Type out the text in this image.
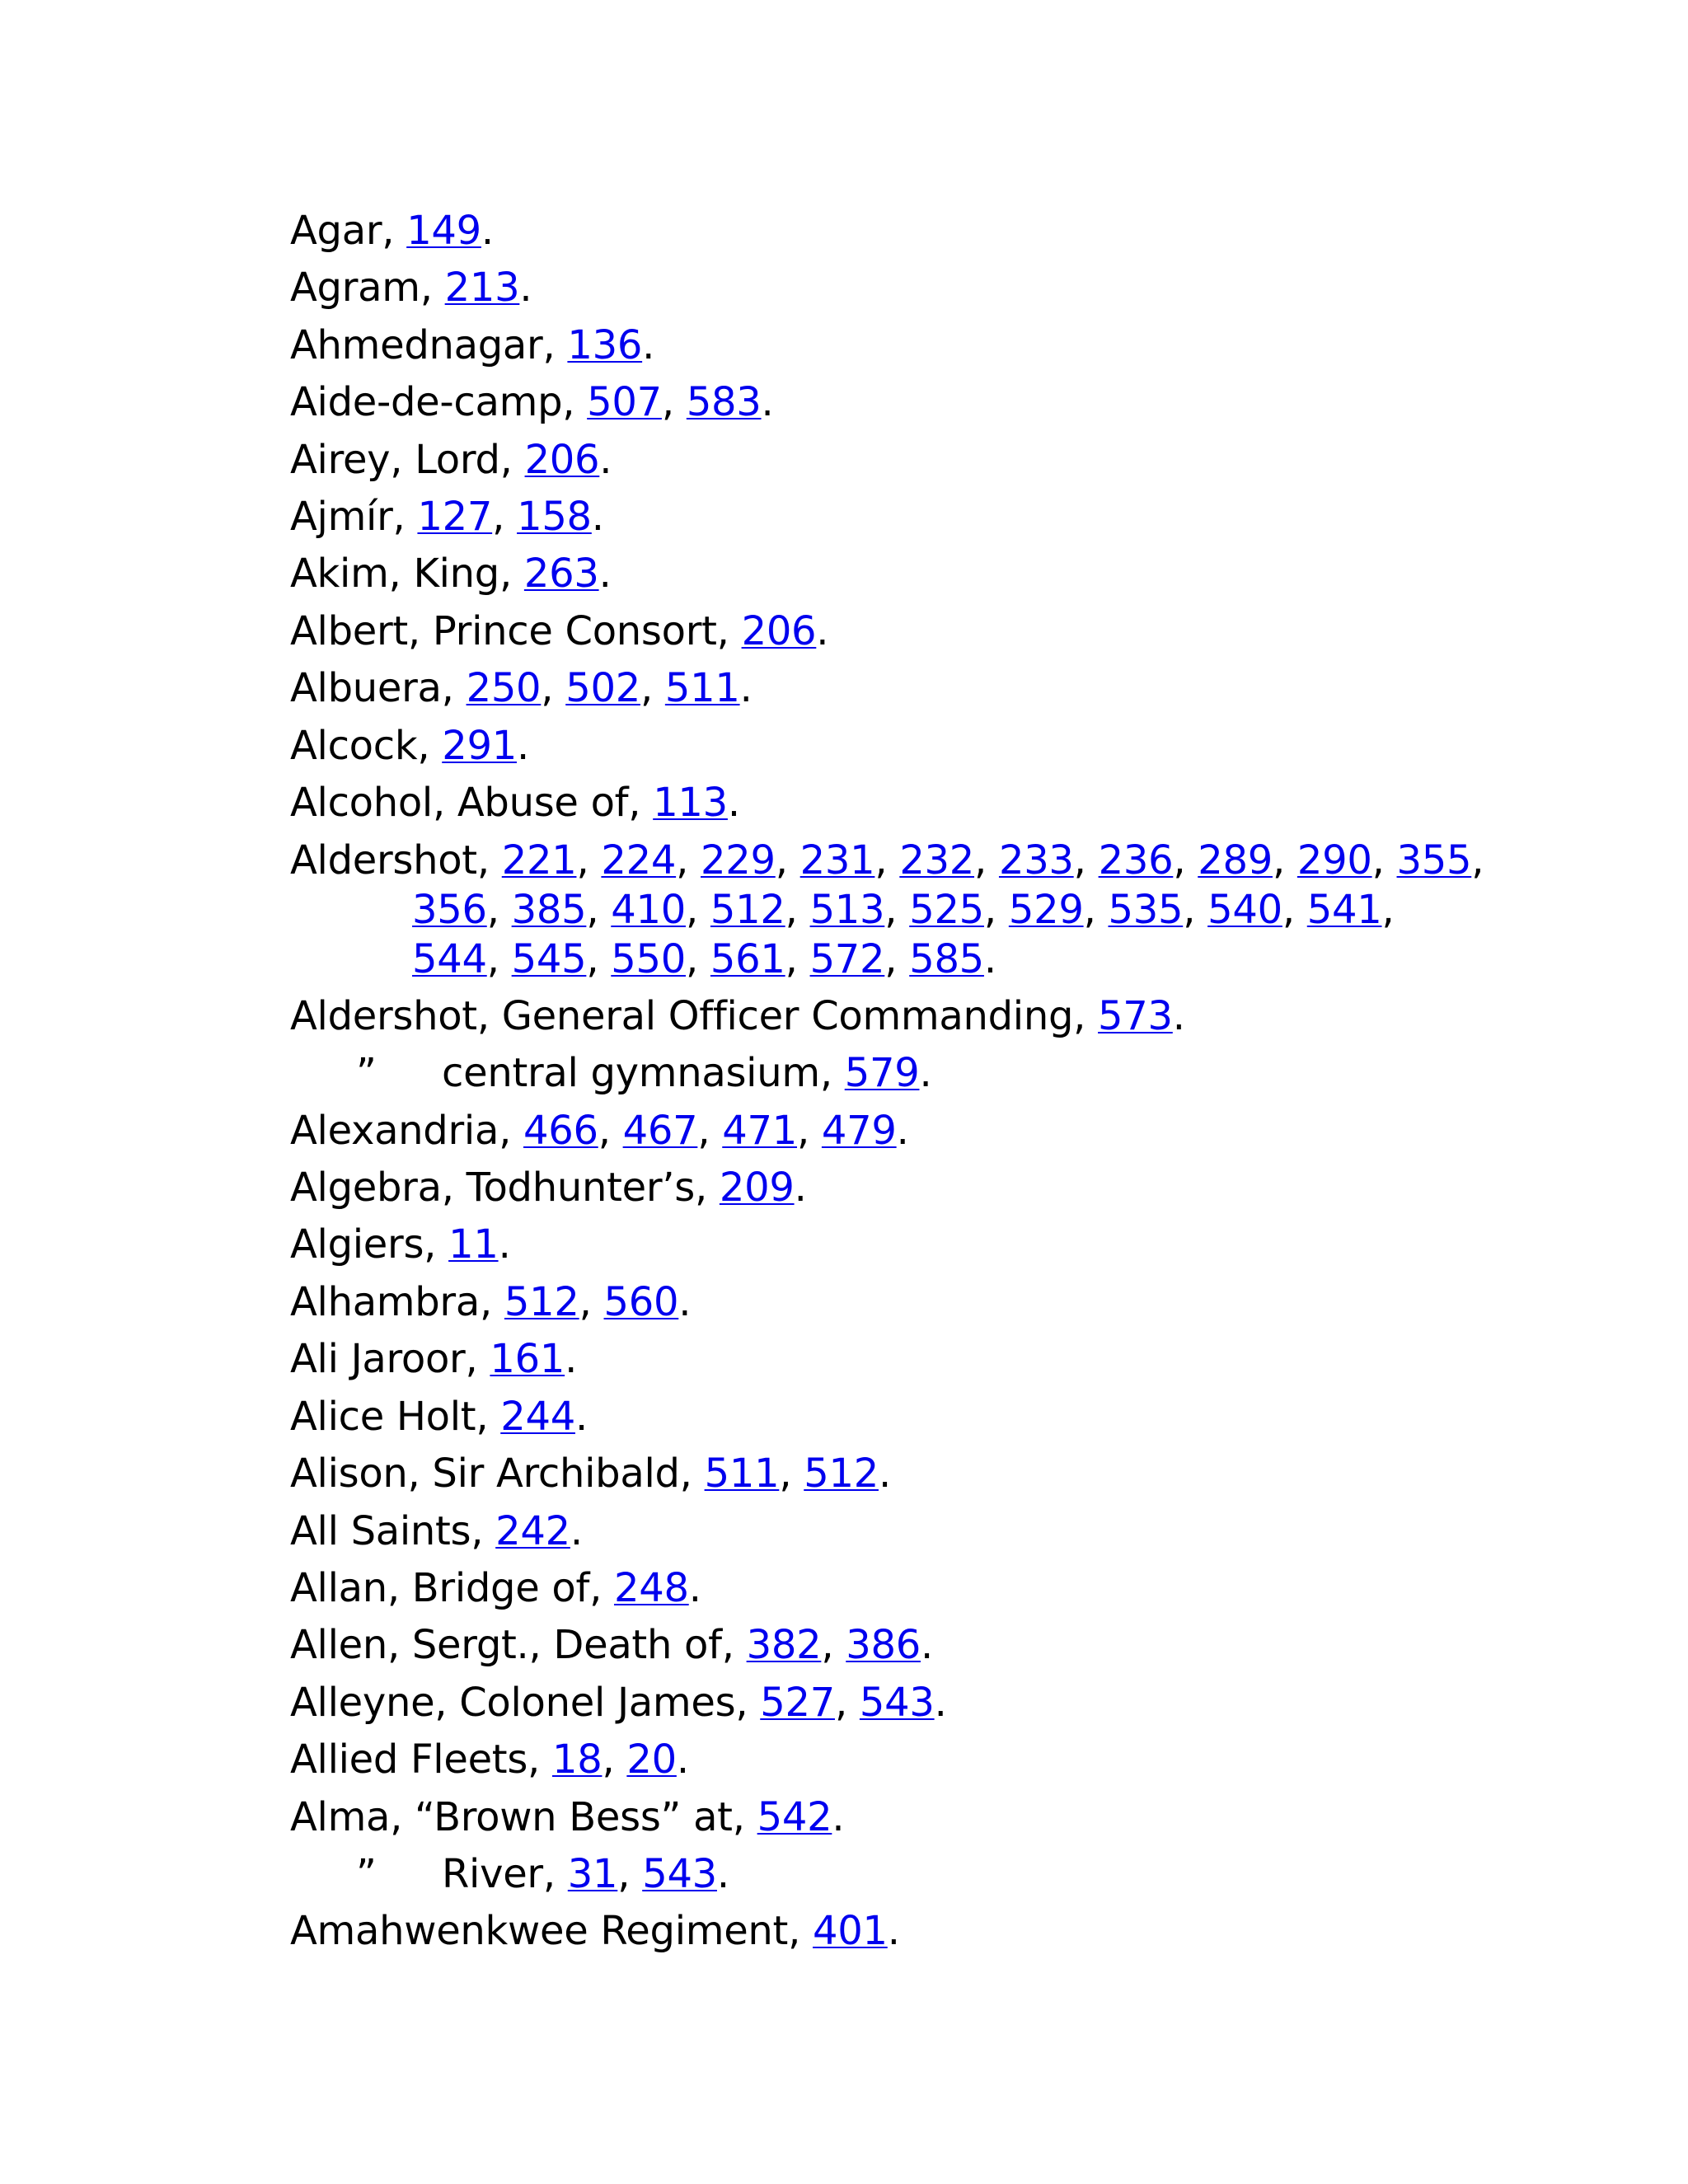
Agar, 149.

Agram, 213.

Ahmednagar, 136.

Aide-de-camp, 507, 583.

Airey, Lord, 206.

Ajmír, 127, 158.

Akim, King, 263.

Albert, Prince Consort, 206.

Albuera, 250, 502, 511.

Alcock, 291.

Alcohol, Abuse of, 113.

Aldershot, 221, 224, 229, 231, 232, 233, 236, 289, 290, 355,
356, 385, 410, 512, 513, 525, 529, 535, 540, 541,
544, 545, 550, 561, 572, 585.

Aldershot, General Officer Commanding, 573.

” central gymnasium, 579.

Alexandria, 466, 467, 471, 479.

Algebra, Todhunter’s, 209.

Algiers, 11.

Alhambra, 512, 560.

Ali Jaroor, 161.

Alice Holt, 244.

Alison, Sir Archibald, 511, 512.

All Saints, 242.

Allan, Bridge of, 248.

Allen, Sergt., Death of, 382, 386.

Alleyne, Colonel James, 527, 543.

Allied Fleets, 18, 20.

Alma, “Brown Bess” at, 542.

” River, 31, 543.

Amahwenkwee Regiment, 401.
